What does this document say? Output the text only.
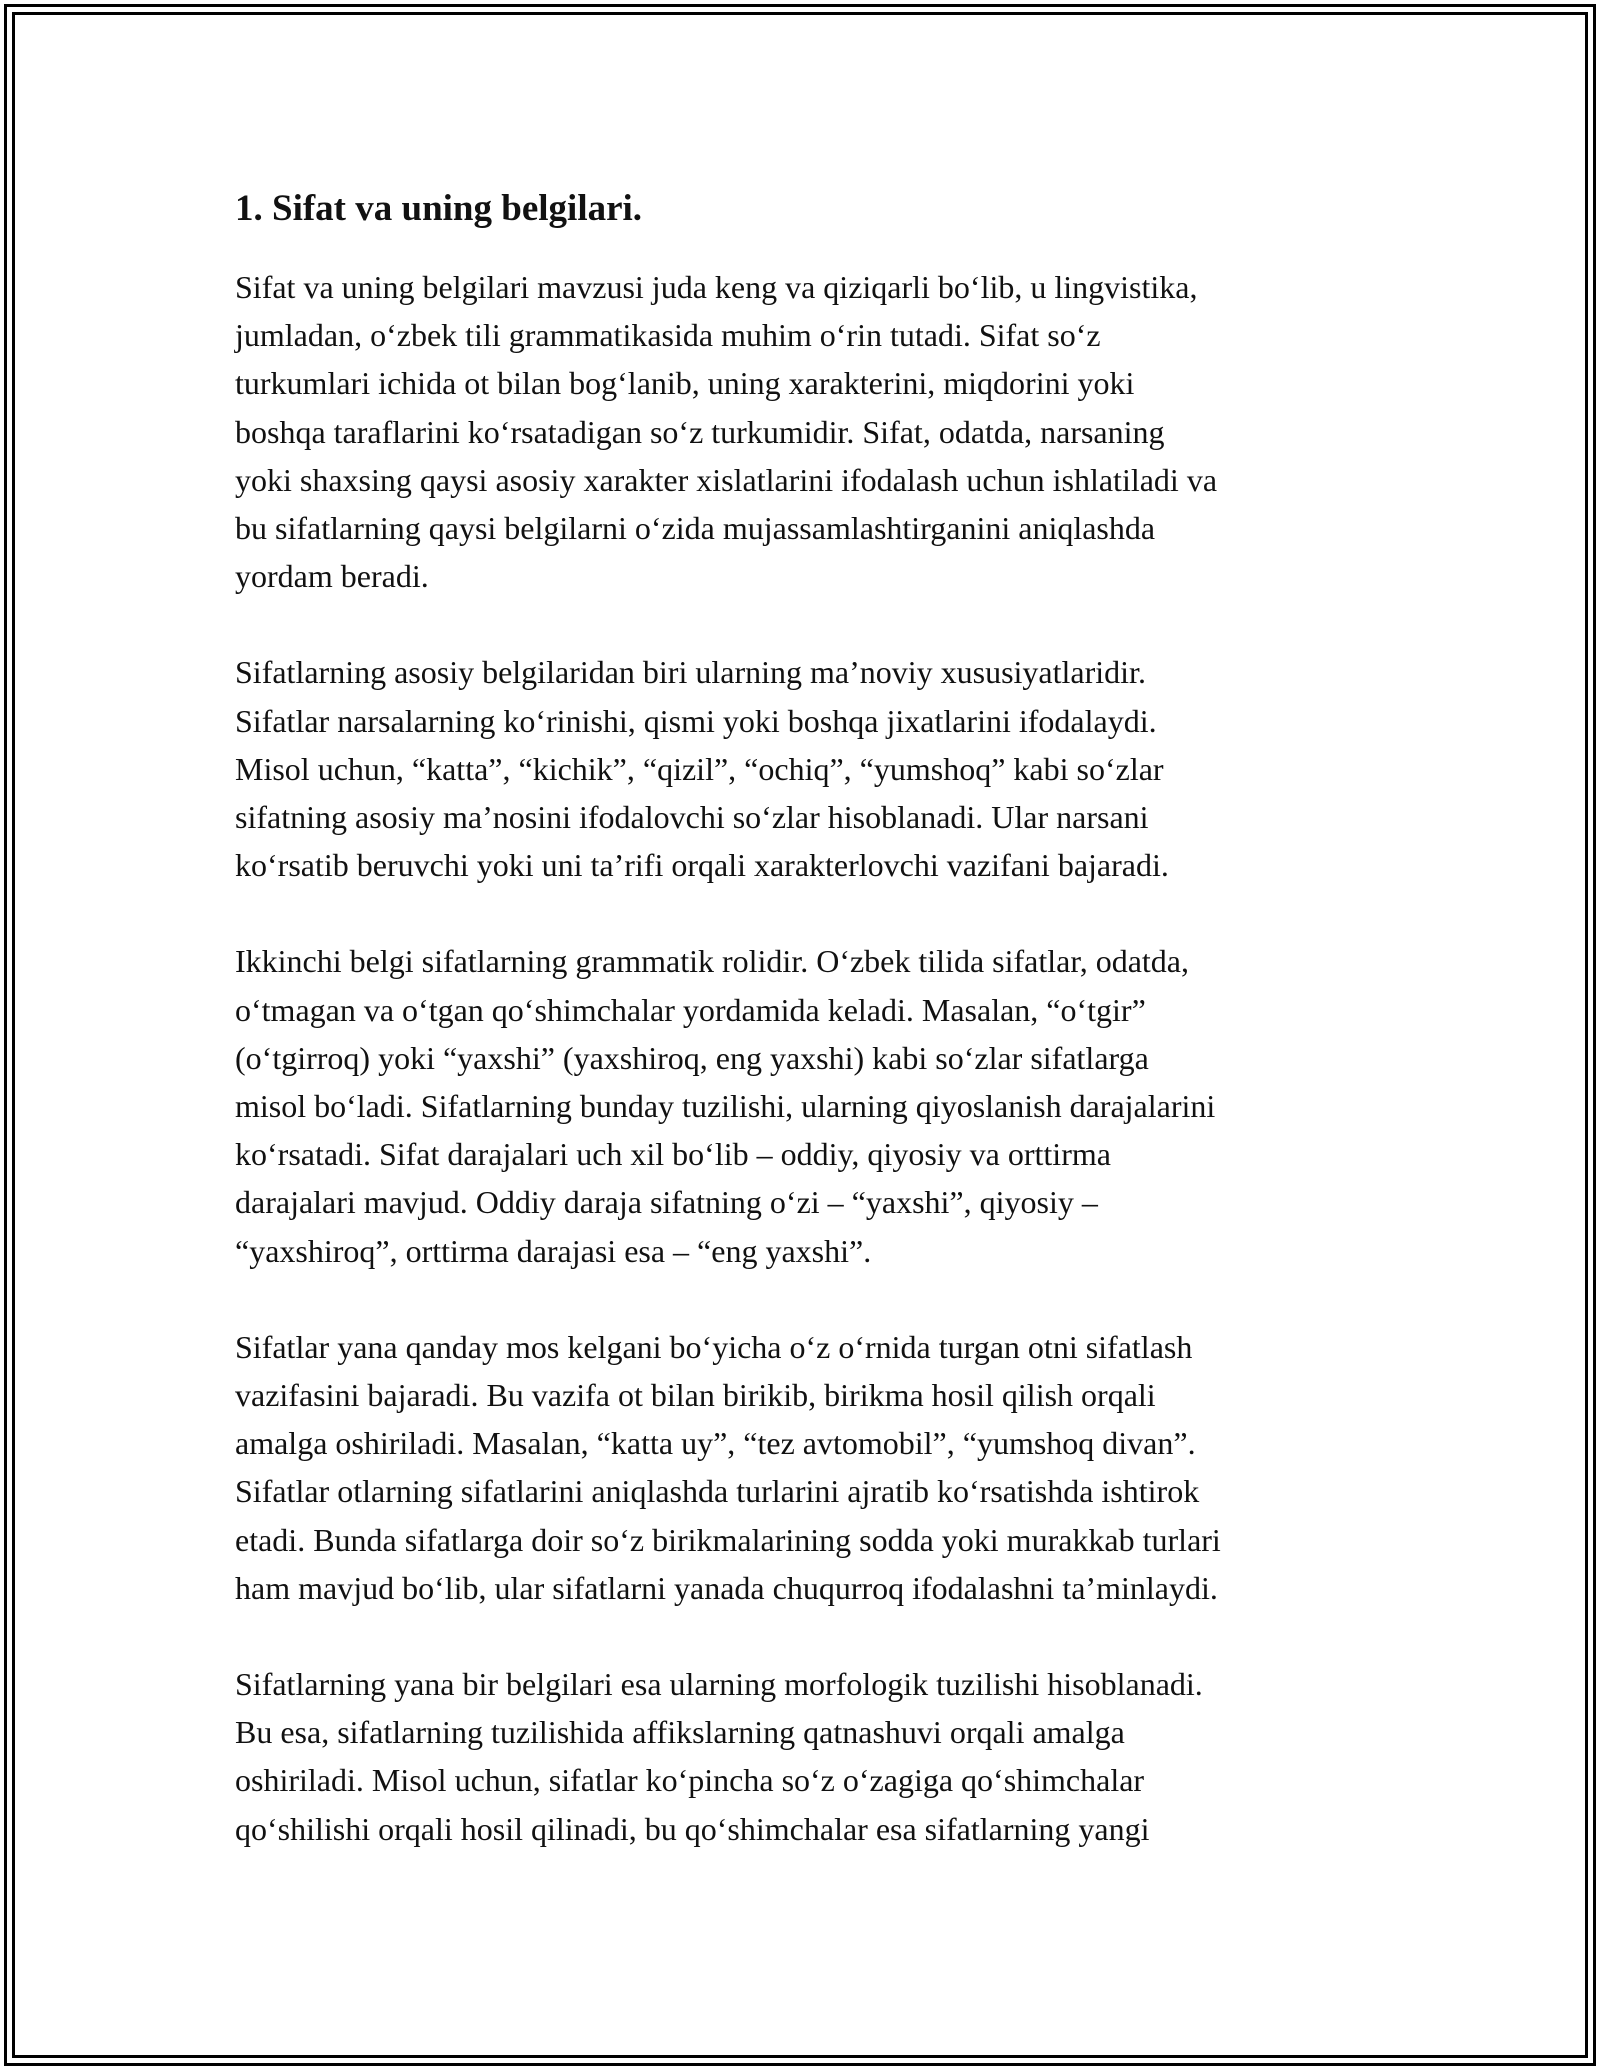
1. Sifat va uning belgilari.

Sifat va uning belgilari mavzusi juda keng va qiziqarli boʻlib, u lingvistika,
jumladan, oʻzbek tili grammatikasida muhim oʻrin tutadi. Sifat soʻz
turkumlari ichida ot bilan bogʻlanib, uning xarakterini, miqdorini yoki
boshqa taraflarini koʻrsatadigan soʻz turkumidir. Sifat, odatda, narsaning
yoki shaxsing qaysi asosiy xarakter xislatlarini ifodalash uchun ishlatiladi va
bu sifatlarning qaysi belgilarni oʻzida mujassamlashtirganini aniqlashda
yordam beradi.

Sifatlarning asosiy belgilaridan biri ularning maʼnoviy xususiyatlaridir.
Sifatlar narsalarning koʻrinishi, qismi yoki boshqa jixatlarini ifodalaydi.
Misol uchun, “katta”, “kichik”, “qizil”, “ochiq”, “yumshoq” kabi soʻzlar
sifatning asosiy maʼnosini ifodalovchi soʻzlar hisoblanadi. Ular narsani
koʻrsatib beruvchi yoki uni taʼrifi orqali xarakterlovchi vazifani bajaradi.

Ikkinchi belgi sifatlarning grammatik rolidir. Oʻzbek tilida sifatlar, odatda,
oʻtmagan va oʻtgan qoʻshimchalar yordamida keladi. Masalan, “oʻtgir”
(oʻtgirroq) yoki “yaxshi” (yaxshiroq, eng yaxshi) kabi soʻzlar sifatlarga
misol boʻladi. Sifatlarning bunday tuzilishi, ularning qiyoslanish darajalarini
koʻrsatadi. Sifat darajalari uch xil boʻlib – oddiy, qiyosiy va orttirma
darajalari mavjud. Oddiy daraja sifatning oʻzi – “yaxshi”, qiyosiy –
“yaxshiroq”, orttirma darajasi esa – “eng yaxshi”.

Sifatlar yana qanday mos kelgani boʻyicha oʻz oʻrnida turgan otni sifatlash
vazifasini bajaradi. Bu vazifa ot bilan birikib, birikma hosil qilish orqali
amalga oshiriladi. Masalan, “katta uy”, “tez avtomobil”, “yumshoq divan”.
Sifatlar otlarning sifatlarini aniqlashda turlarini ajratib koʻrsatishda ishtirok
etadi. Bunda sifatlarga doir soʻz birikmalarining sodda yoki murakkab turlari
ham mavjud boʻlib, ular sifatlarni yanada chuqurroq ifodalashni taʼminlaydi.

Sifatlarning yana bir belgilari esa ularning morfologik tuzilishi hisoblanadi.
Bu esa, sifatlarning tuzilishida affikslarning qatnashuvi orqali amalga
oshiriladi. Misol uchun, sifatlar koʻpincha soʻz oʻzagiga qoʻshimchalar
qoʻshilishi orqali hosil qilinadi, bu qoʻshimchalar esa sifatlarning yangi
